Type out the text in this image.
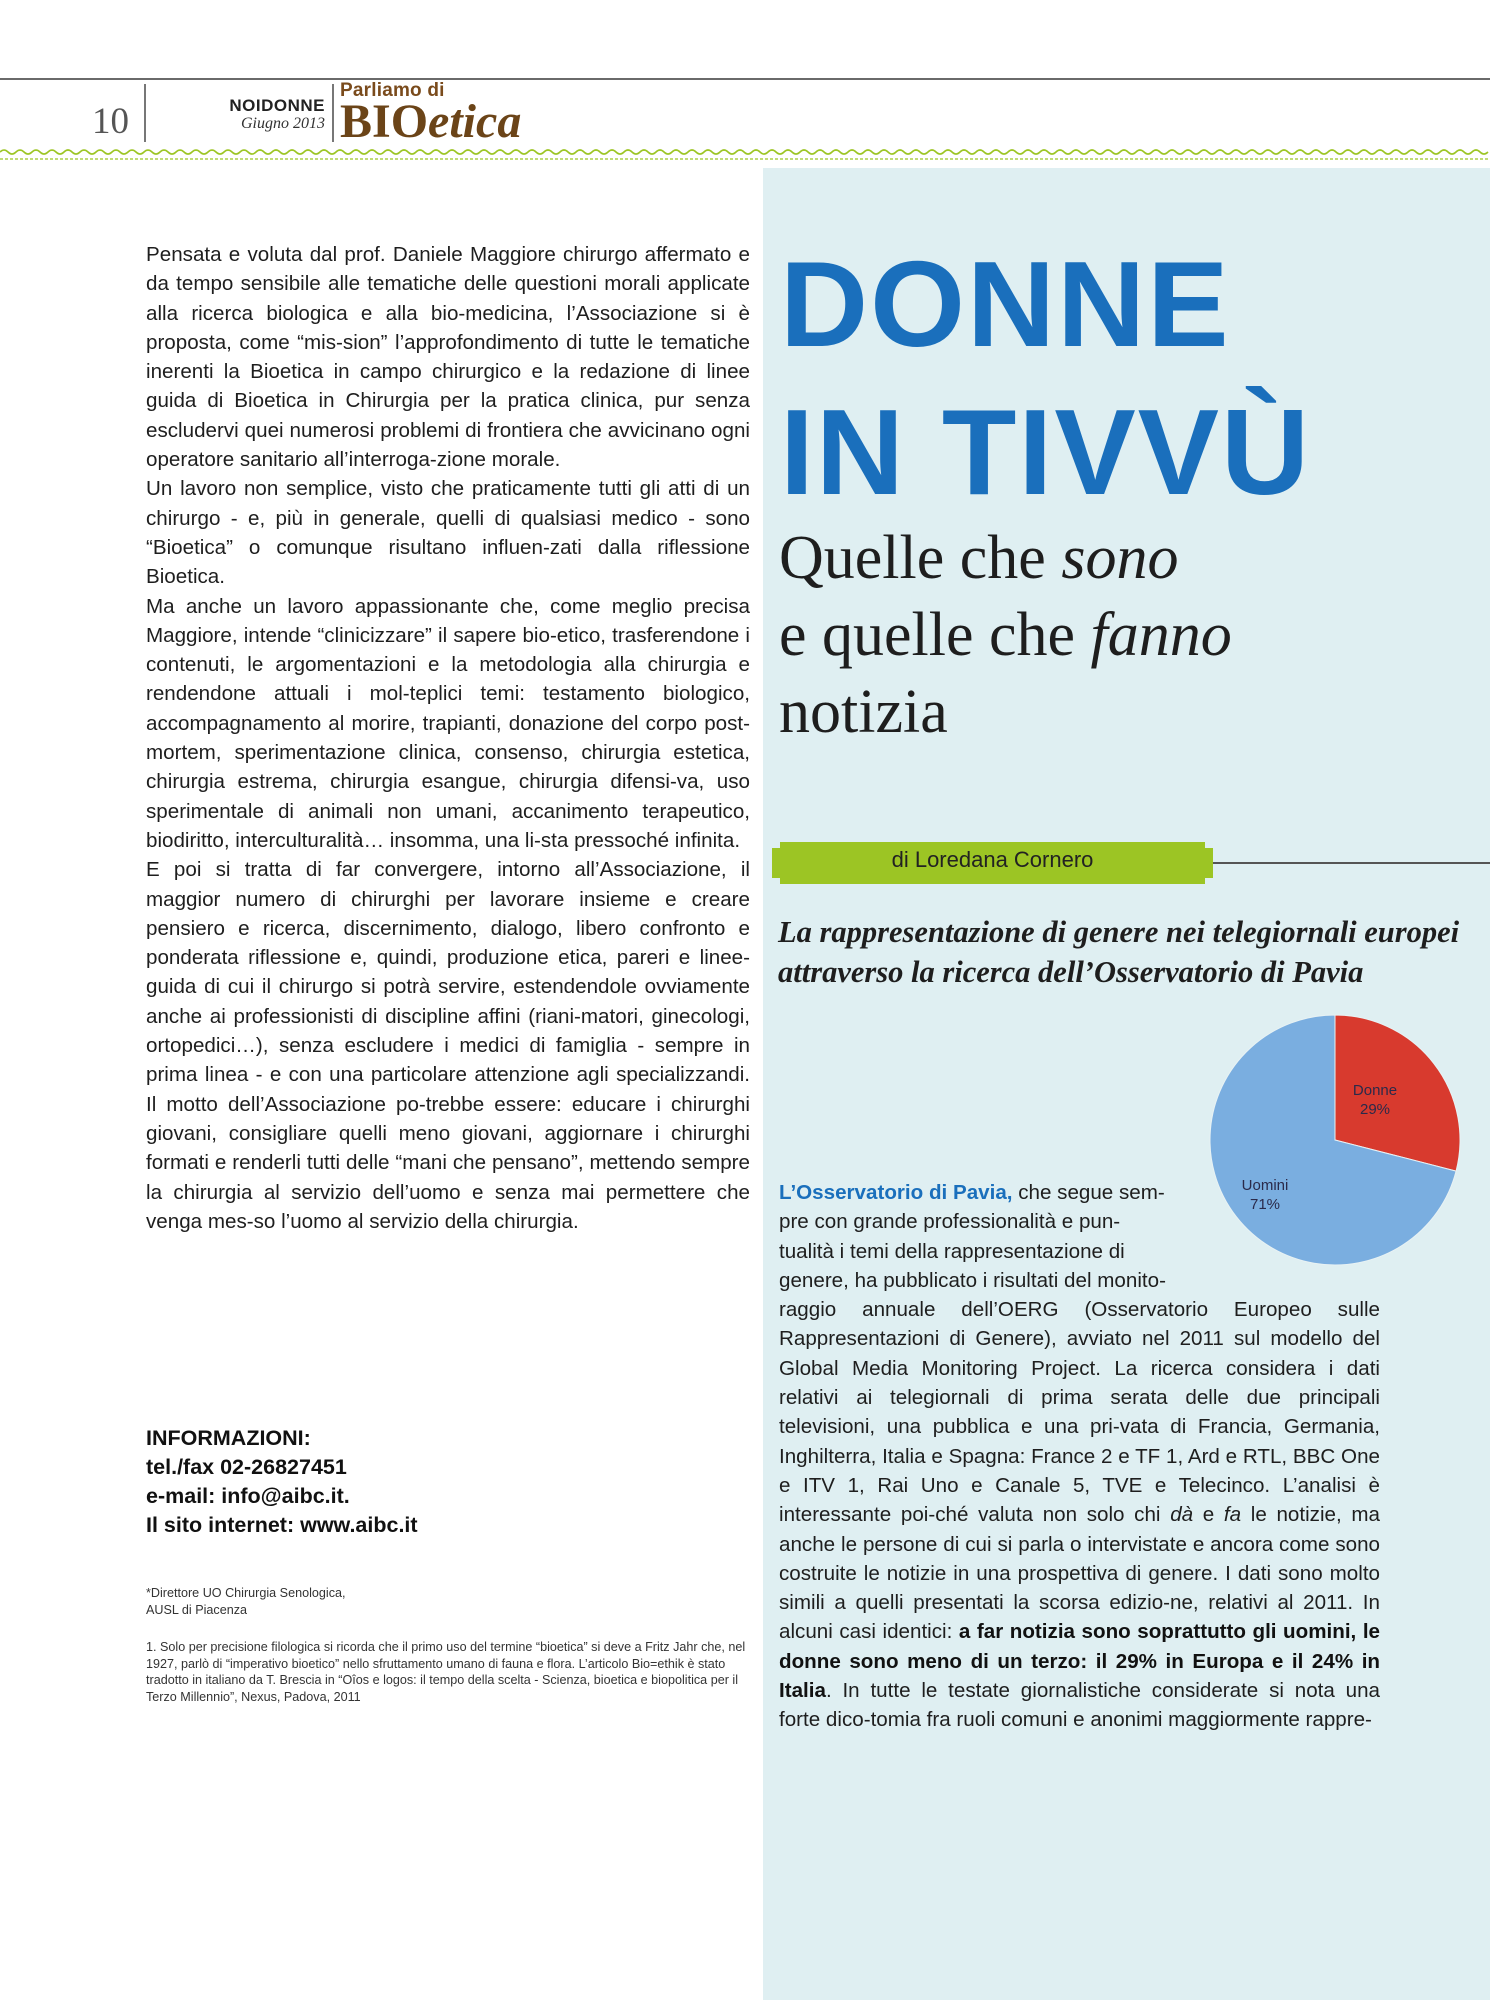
10	NOIDONNE
Giugno 2013
Parliamo di
BIOetica

Pensata e voluta dal prof. Daniele Maggiore chirurgo affermato e da tempo sensibile alle tematiche delle questioni morali applicate alla ricerca biologica e alla bio-medicina, l’Associazione si è proposta, come “mis-sion” l’approfondimento di tutte le tematiche inerenti la Bioetica in campo chirurgico e la redazione di linee guida di Bioetica in Chirurgia per la pratica clinica, pur senza escludervi quei numerosi problemi di frontiera che avvicinano ogni operatore sanitario all’interroga-zione morale.

Un lavoro non semplice, visto che praticamente tutti gli atti di un chirurgo - e, più in generale, quelli di qualsiasi medico - sono “Bioetica” o comunque risultano influen-zati dalla riflessione Bioetica.

Ma anche un lavoro appassionante che, come meglio precisa Maggiore, intende “clinicizzare” il sapere bio-etico, trasferendone i contenuti, le argomentazioni e la metodologia alla chirurgia e rendendone attuali i mol-teplici temi: testamento biologico, accompagnamento al morire, trapianti, donazione del corpo post-mortem, sperimentazione clinica, consenso, chirurgia estetica, chirurgia estrema, chirurgia esangue, chirurgia difensi-va, uso sperimentale di animali non umani, accanimento terapeutico, biodiritto, interculturalità… insomma, una li-sta pressoché infinita.

E poi si tratta di far convergere, intorno all’Associazione, il maggior numero di chirurghi per lavorare insieme e creare pensiero e ricerca, discernimento, dialogo, libero confronto e ponderata riflessione e, quindi, produzione etica, pareri e linee-guida di cui il chirurgo si potrà servire, estendendole ovviamente anche ai professionisti di discipline affini (riani-matori, ginecologi, ortopedici…), senza escludere i medici di famiglia - sempre in prima linea - e con una particolare attenzione agli specializzandi. Il motto dell’Associazione po-trebbe essere: educare i chirurghi giovani, consigliare quelli meno giovani, aggiornare i chirurghi formati e renderli tutti delle “mani che pensano”, mettendo sempre la chirurgia al servizio dell’uomo e senza mai permettere che venga mes-so l’uomo al servizio della chirurgia.

INFORMAZIONI:
tel./fax 02-26827451
e-mail: info@aibc.it.
Il sito internet: www.aibc.it
*Direttore UO Chirurgia Senologica,
AUSL di Piacenza
1. Solo per precisione filologica si ricorda che il primo uso del termine “bioetica” si deve a Fritz Jahr che, nel 1927, parlò di “imperativo bioetico” nello sfruttamento umano di fauna e flora. L’articolo Bio=ethik è stato tradotto in italiano da T. Brescia in “Oîos e logos: il tempo della scelta - Scienza, bioetica e biopolitica per il Terzo Millennio”, Nexus, Padova, 2011
DONNE
IN TIVVÙ
Quelle che sono
e quelle che fanno
notizia
di Loredana Cornero
La rappresentazione di genere nei telegiornali europei attraverso la ricerca dell’Osservatorio di Pavia
Donne
29%
Uomini
71%

L’Osservatorio di Pavia, che segue sem-
pre con grande professionalità e pun-
tualità i temi della rappresentazione di
genere, ha pubblicato i risultati del monito-
raggio annuale dell’OERG (Osservatorio Europeo sulle Rappresentazioni di Genere), avviato nel 2011 sul modello del Global Media Monitoring Project. La ricerca considera i dati relativi ai telegiornali di prima serata delle due principali televisioni, una pubblica e una pri-vata di Francia, Germania, Inghilterra, Italia e Spagna: France 2 e TF 1, Ard e RTL, BBC One e ITV 1, Rai Uno e Canale 5, TVE e Telecinco. L’analisi è interessante poi-ché valuta non solo chi dà e fa le notizie, ma anche le persone di cui si parla o intervistate e ancora come sono costruite le notizie in una prospettiva di genere. I dati sono molto simili a quelli presentati la scorsa edizio-ne, relativi al 2011. In alcuni casi identici: a far notizia sono soprattutto gli uomini, le donne sono meno di un terzo: il 29% in Europa e il 24% in Italia. In tutte le testate giornalistiche considerate si nota una forte dico-tomia fra ruoli comuni e anonimi maggiormente rappre-
